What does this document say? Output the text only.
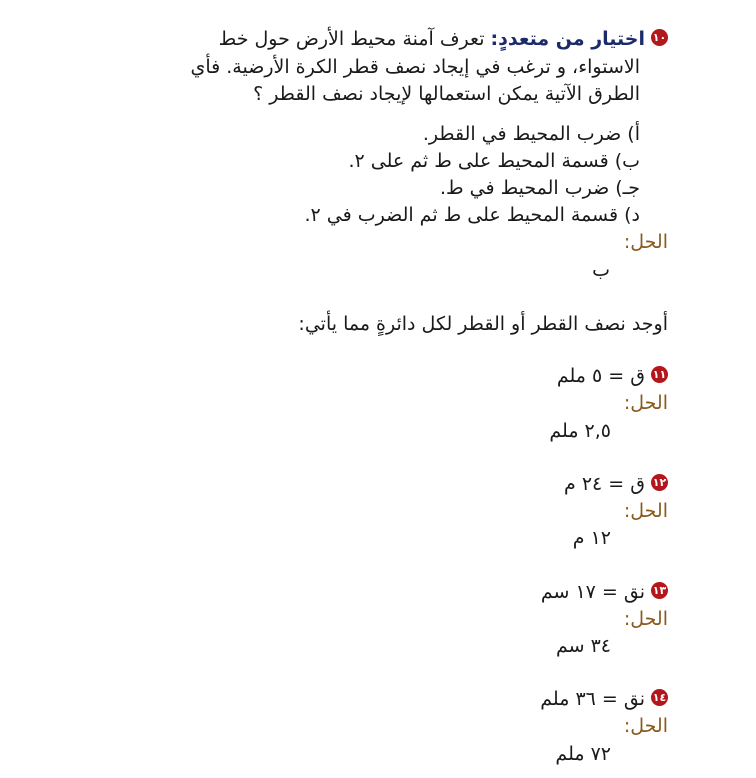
١٠اختيار من متعددٍ: تعرف آمنة محيط الأرض حول خط
الاستواء، و ترغب في إيجاد نصف قطر الكرة الأرضية. فأي
الطرق الآتية يمكن استعمالها لإيجاد نصف القطر ؟
أ) ضرب المحيط في القطر.
ب) قسمة المحيط على ط ثم على ٢.
جـ) ضرب المحيط في ط.
د) قسمة المحيط على ط ثم الضرب في ٢.
الحل:
ب
أوجد نصف القطر أو القطر لكل دائرةٍ مما يأتي:
١١ق = ٥ ملم
الحل:
٢,٥ ملم
١٢ق = ٢٤ م
الحل:
١٢ م
١٣نق = ١٧ سم
الحل:
٣٤ سم
١٤نق = ٣٦ ملم
الحل:
٧٢ ملم
